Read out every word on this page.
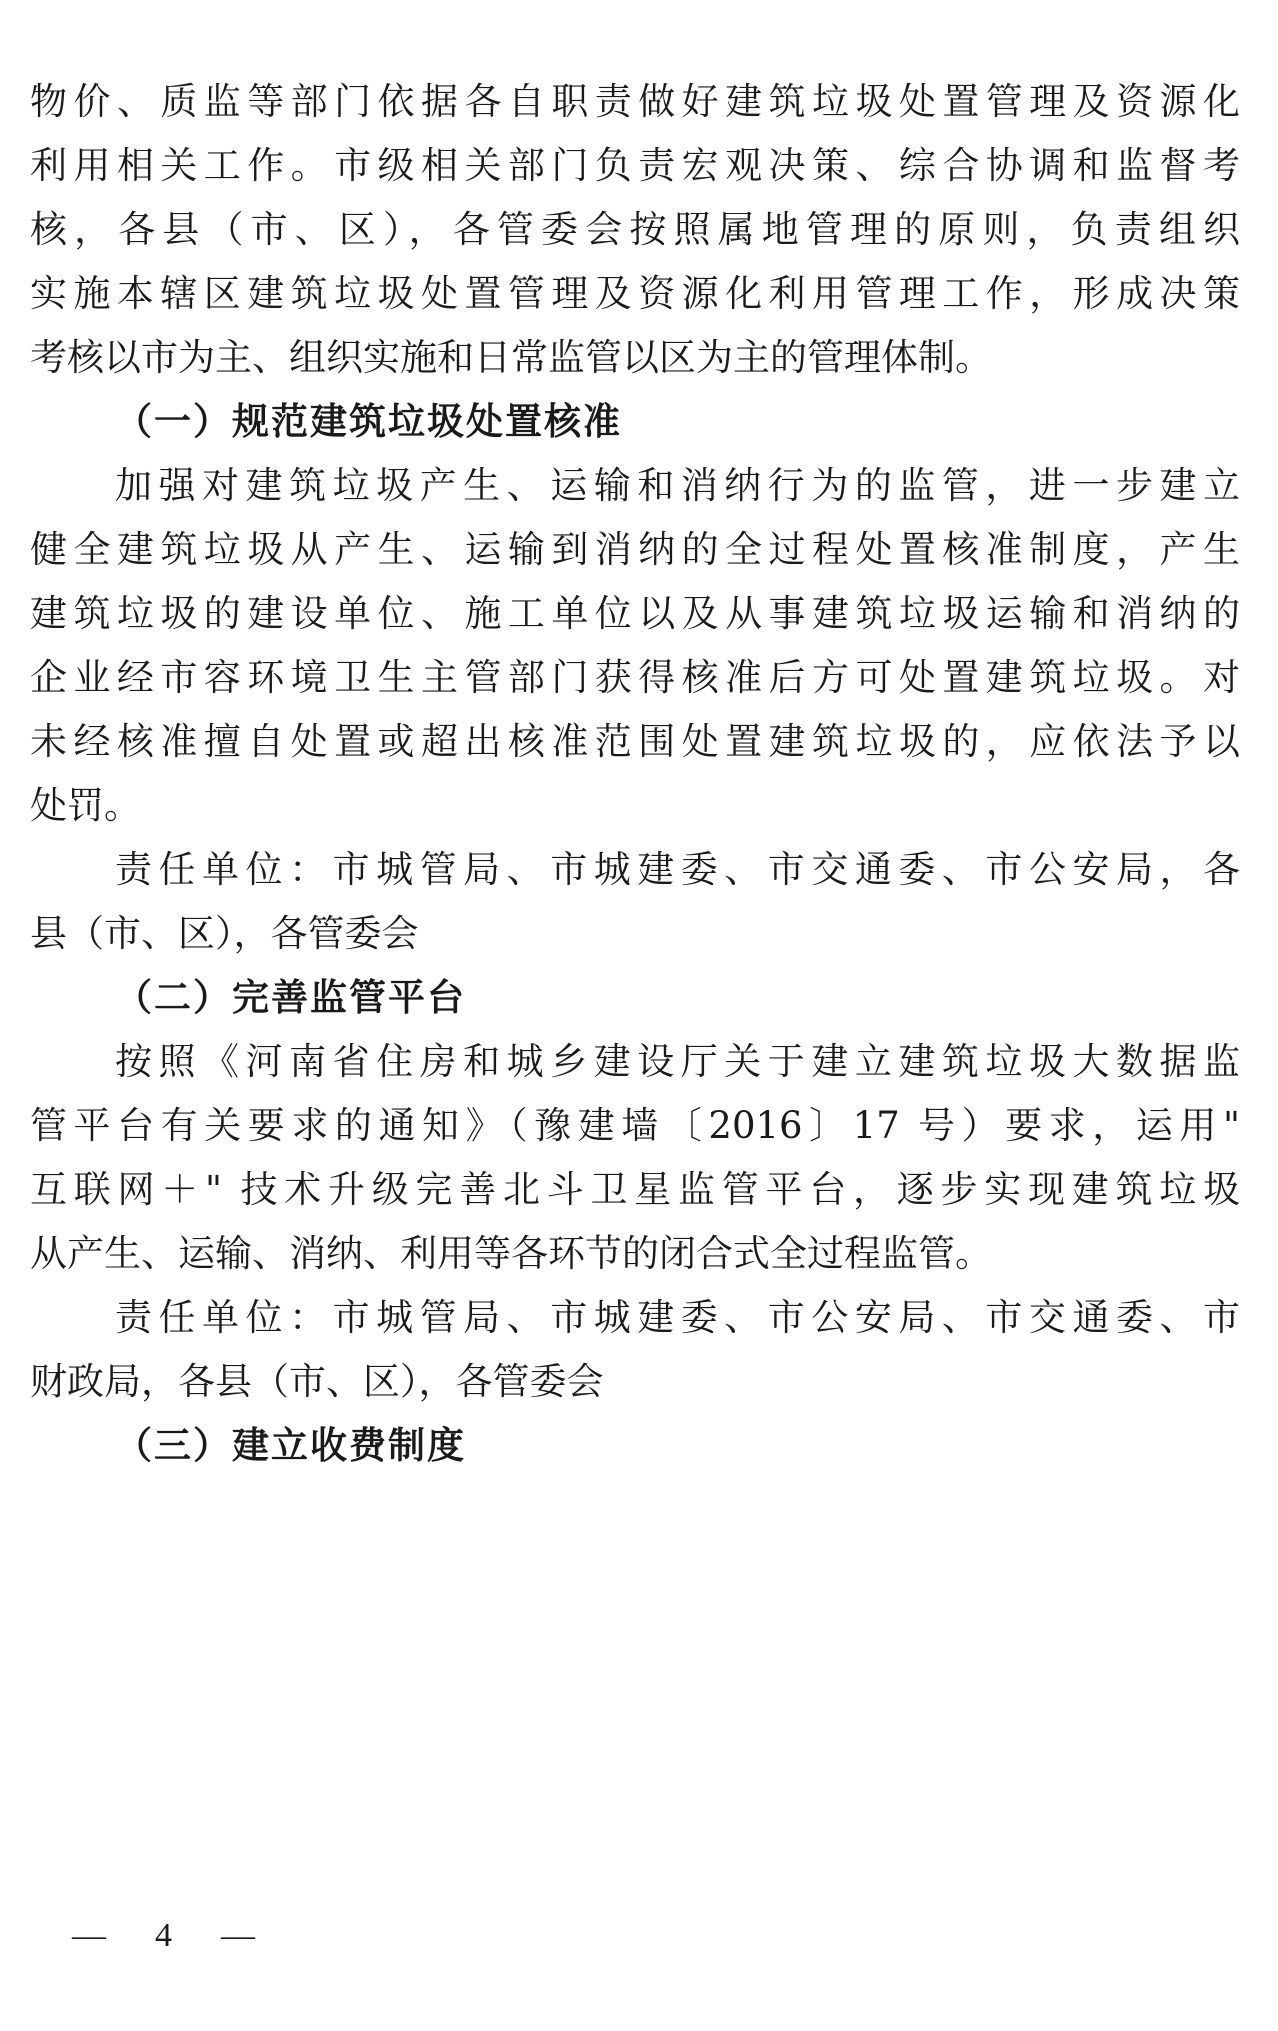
物价、质监等部门依据各自职责做好建筑垃圾处置管理及资源化
利用相关工作。市级相关部门负责宏观决策、综合协调和监督考
核，各县（市、区），各管委会按照属地管理的原则，负责组织
实施本辖区建筑垃圾处置管理及资源化利用管理工作，形成决策
考核以市为主、组织实施和日常监管以区为主的管理体制。
（一）规范建筑垃圾处置核准
加强对建筑垃圾产生、运输和消纳行为的监管，进一步建立
健全建筑垃圾从产生、运输到消纳的全过程处置核准制度，产生
建筑垃圾的建设单位、施工单位以及从事建筑垃圾运输和消纳的
企业经市容环境卫生主管部门获得核准后方可处置建筑垃圾。对
未经核准擅自处置或超出核准范围处置建筑垃圾的，应依法予以
处罚。
责任单位：市城管局、市城建委、市交通委、市公安局，各
县（市、区），各管委会
（二）完善监管平台
按照《河南省住房和城乡建设厅关于建立建筑垃圾大数据监
管平台有关要求的通知》（豫建墙〔2016〕17 号）要求，运用"
互联网＋" 技术升级完善北斗卫星监管平台，逐步实现建筑垃圾
从产生、运输、消纳、利用等各环节的闭合式全过程监管。
责任单位：市城管局、市城建委、市公安局、市交通委、市
财政局，各县（市、区），各管委会
（三）建立收费制度
— 4 —
